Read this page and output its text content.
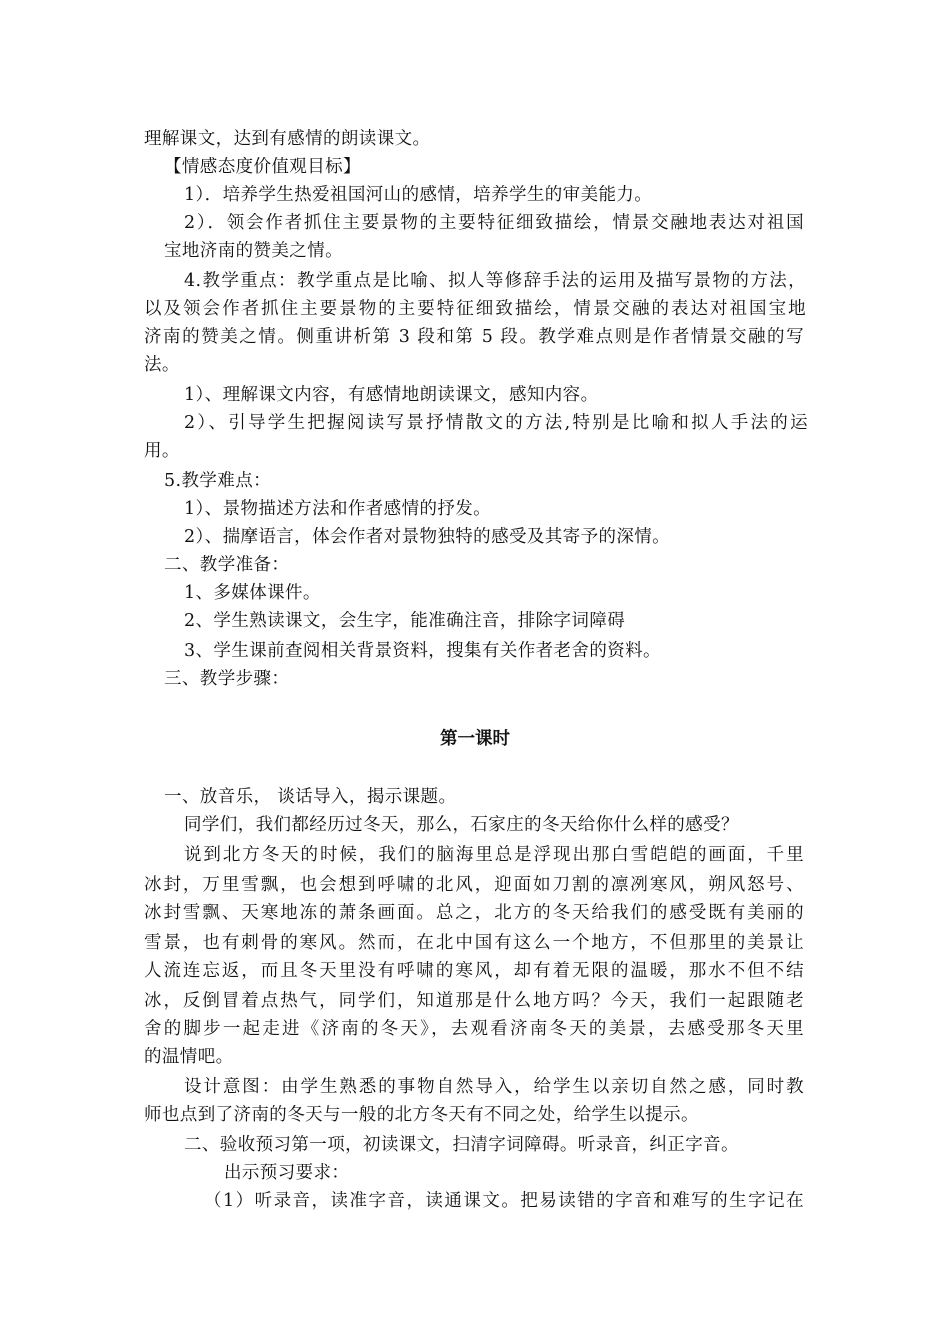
理解课文，达到有感情的朗读课文。
【情感态度价值观目标】
1）．培养学生热爱祖国河山的感情，培养学生的审美能力。
2）．领会作者抓住主要景物的主要特征细致描绘，情景交融地表达对祖国
宝地济南的赞美之情。
4.教学重点：教学重点是比喻、拟人等修辞手法的运用及描写景物的方法，
以及领会作者抓住主要景物的主要特征细致描绘，情景交融的表达对祖国宝地
济南的赞美之情。侧重讲析第 3 段和第 5 段。教学难点则是作者情景交融的写
法。
1）、理解课文内容，有感情地朗读课文，感知内容。
2）、引导学生把握阅读写景抒情散文的方法,特别是比喻和拟人手法的运
用。
5.教学难点：
1）、景物描述方法和作者感情的抒发。
2）、揣摩语言，体会作者对景物独特的感受及其寄予的深情。
二、教学准备：
1、多媒体课件。
2、学生熟读课文，会生字，能准确注音，排除字词障碍
3、学生课前查阅相关背景资料，搜集有关作者老舍的资料。
三、教学步骤：
第一课时
一、放音乐， 谈话导入，揭示课题。
同学们，我们都经历过冬天，那么，石家庄的冬天给你什么样的感受？
说到北方冬天的时候，我们的脑海里总是浮现出那白雪皑皑的画面，千里
冰封，万里雪飘，也会想到呼啸的北风，迎面如刀割的凛冽寒风，朔风怒号、
冰封雪飘、天寒地冻的萧条画面。总之，北方的冬天给我们的感受既有美丽的
雪景，也有刺骨的寒风。然而，在北中国有这么一个地方，不但那里的美景让
人流连忘返，而且冬天里没有呼啸的寒风，却有着无限的温暖，那水不但不结
冰，反倒冒着点热气，同学们，知道那是什么地方吗？今天，我们一起跟随老
舍的脚步一起走进《济南的冬天》，去观看济南冬天的美景，去感受那冬天里
的温情吧。
设计意图：由学生熟悉的事物自然导入，给学生以亲切自然之感，同时教
师也点到了济南的冬天与一般的北方冬天有不同之处，给学生以提示。
二、验收预习第一项，初读课文，扫清字词障碍。听录音，纠正字音。
出示预习要求：
（1）听录音，读准字音，读通课文。把易读错的字音和难写的生字记在
